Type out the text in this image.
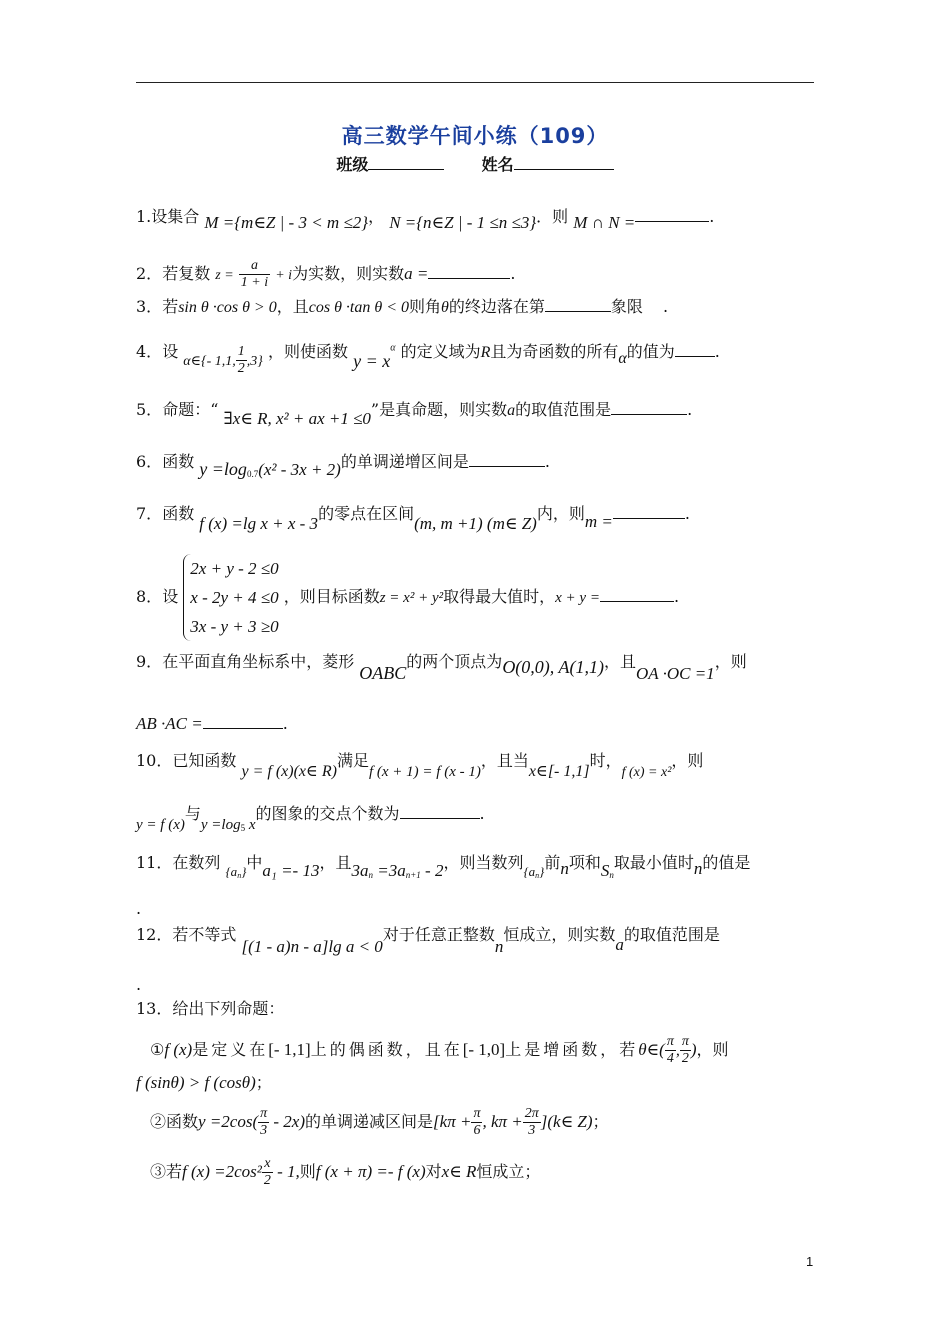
高三数学午间小练（109）
班级	姓名
1.设集合 M ={m∈Z | - 3 < m ≤2}， N ={n∈Z | - 1 ≤n ≤3}．则 M ∩ N =	.
2．若复数 $z = \frac{a}{1 + i} + i$为实数，则实数a =	.
3．若sin θ ·cos θ > 0，且cos θ ·tan θ < 0则角θ的终边落在第	象限 .
4．设 α∈{- 1,1, $\frac{1}{2} ,3$} ，则使函数 $y = x^\alpha$ 的定义域为R且为奇函数的所有α的值为	.
5．命题：“ ∃x∈ R, x² + ax +1 ≤0”是真命题，则实数a的取值范围是	.
6．函数 $y =\log_{0.7}(x^2 - 3x + 2)$的单调递增区间是	.
7．函数 f (x) =lg x + x - 3的零点在区间(m, m +1) (m∈ Z)内，则m =	.
8．设
2x + y - 2 ≤0
x - 2y + 4 ≤0
3x - y + 3 ≥0
，则目标函数z = x² + y²取得最大值时，x + y =	.
9．在平面直角坐标系中，菱形 OABC的两个顶点为O(0,0), A(1,1)，且OA ·OC =1，则
AB ·AC =	.
10．已知函数 y = f (x)(x∈ R)满足f (x + 1) = f (x - 1)，且当x∈[- 1,1]时，f (x) = x²，则
y = f (x)与$y =\log_5$ x的图象的交点个数为	.
11．在数列 $_{\{an\}}$中a₁ =- 13，且$3a_n =3a_{n+1} - 2$，则当数列$_{\{an\}}$前n项和$S_n$取最小值时n的值是
.
12．若不等式 [(1 - a)n - a]lg a < 0对于任意正整数n恒成立，则实数a的取值范围是
.
13．给出下列命题：
①f (x)是定义在[- 1,1]上的偶函数，且在[- 1,0]上是增函数，若θ∈( $\frac{\pi}{4}$ , $\frac{\pi}{2}$ )，则
f (sinθ) > f (cosθ)；
②函数$y =2\cos( \frac{\pi}{3} - 2x)$的单调递减区间是[$k\pi + \frac{\pi}{6}$ , $k\pi + \frac{2\pi}{3}$ ](k∈ Z)；
③若f $(x) =2\cos^2 \frac{x}{2} - 1$,则f (x + π) =- f (x)对x∈ R恒成立；
1
